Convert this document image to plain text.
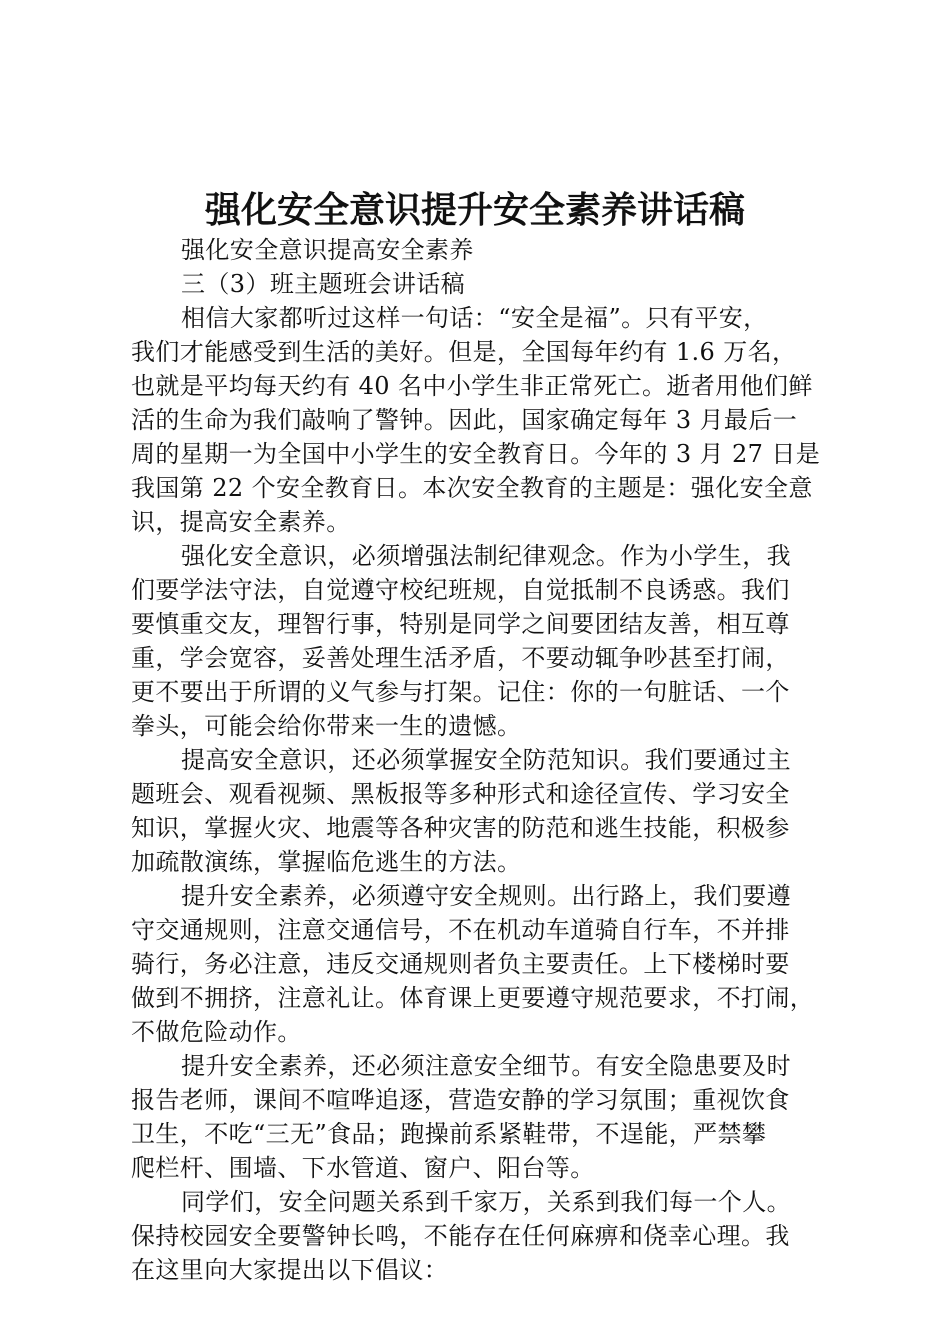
强化安全意识提升安全素养讲话稿
强化安全意识提高安全素养
三（3）班主题班会讲话稿
相信大家都听过这样一句话：“安全是福”。只有平安，
我们才能感受到生活的美好。但是，全国每年约有 1.6 万名，
也就是平均每天约有 40 名中小学生非正常死亡。逝者用他们鲜
活的生命为我们敲响了警钟。因此，国家确定每年 3 月最后一
周的星期一为全国中小学生的安全教育日。今年的 3 月 27 日是
我国第 22 个安全教育日。本次安全教育的主题是：强化安全意
识，提高安全素养。
强化安全意识，必须增强法制纪律观念。作为小学生，我
们要学法守法，自觉遵守校纪班规，自觉抵制不良诱惑。我们
要慎重交友，理智行事，特别是同学之间要团结友善，相互尊
重，学会宽容，妥善处理生活矛盾，不要动辄争吵甚至打闹，
更不要出于所谓的义气参与打架。记住：你的一句脏话、一个
拳头，可能会给你带来一生的遗憾。
提高安全意识，还必须掌握安全防范知识。我们要通过主
题班会、观看视频、黑板报等多种形式和途径宣传、学习安全
知识，掌握火灾、地震等各种灾害的防范和逃生技能，积极参
加疏散演练，掌握临危逃生的方法。
提升安全素养，必须遵守安全规则。出行路上，我们要遵
守交通规则，注意交通信号，不在机动车道骑自行车，不并排
骑行，务必注意，违反交通规则者负主要责任。上下楼梯时要
做到不拥挤，注意礼让。体育课上更要遵守规范要求，不打闹，
不做危险动作。
提升安全素养，还必须注意安全细节。有安全隐患要及时
报告老师，课间不喧哗追逐，营造安静的学习氛围；重视饮食
卫生，不吃“三无”食品；跑操前系紧鞋带，不逞能，严禁攀
爬栏杆、围墙、下水管道、窗户、阳台等。
同学们，安全问题关系到千家万，关系到我们每一个人。
保持校园安全要警钟长鸣，不能存在任何麻痹和侥幸心理。我
在这里向大家提出以下倡议：
